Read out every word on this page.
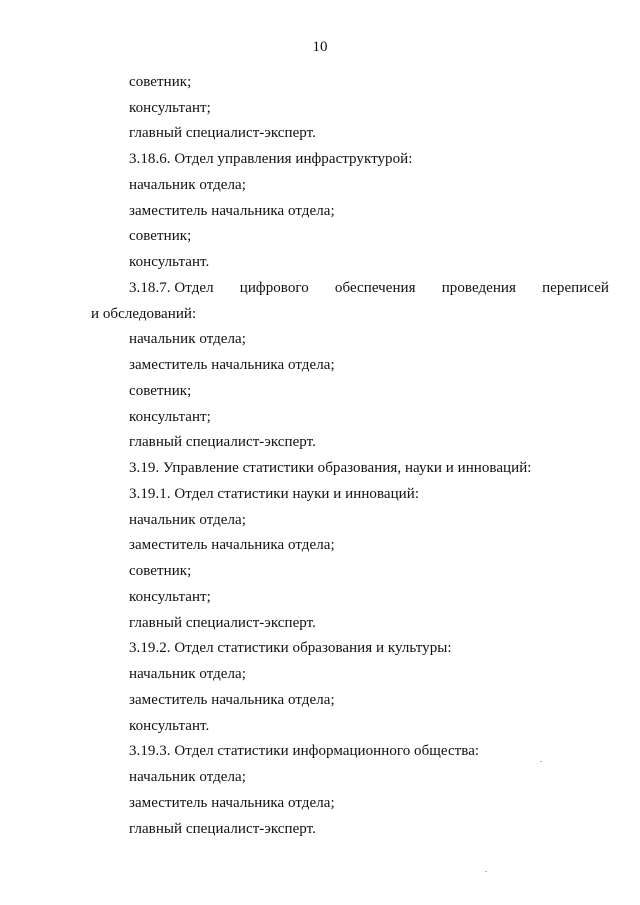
10
советник;
консультант;
главный специалист-эксперт.
3.18.6. Отдел управления инфраструктурой:
начальник отдела;
заместитель начальника отдела;
советник;
консультант.
3.18.7. Отдел цифрового обеспечения проведения переписей
и обследований:
начальник отдела;
заместитель начальника отдела;
советник;
консультант;
главный специалист-эксперт.
3.19. Управление статистики образования, науки и инноваций:
3.19.1. Отдел статистики науки и инноваций:
начальник отдела;
заместитель начальника отдела;
советник;
консультант;
главный специалист-эксперт.
3.19.2. Отдел статистики образования и культуры:
начальник отдела;
заместитель начальника отдела;
консультант.
3.19.3. Отдел статистики информационного общества:
начальник отдела;
заместитель начальника отдела;
главный специалист-эксперт.
